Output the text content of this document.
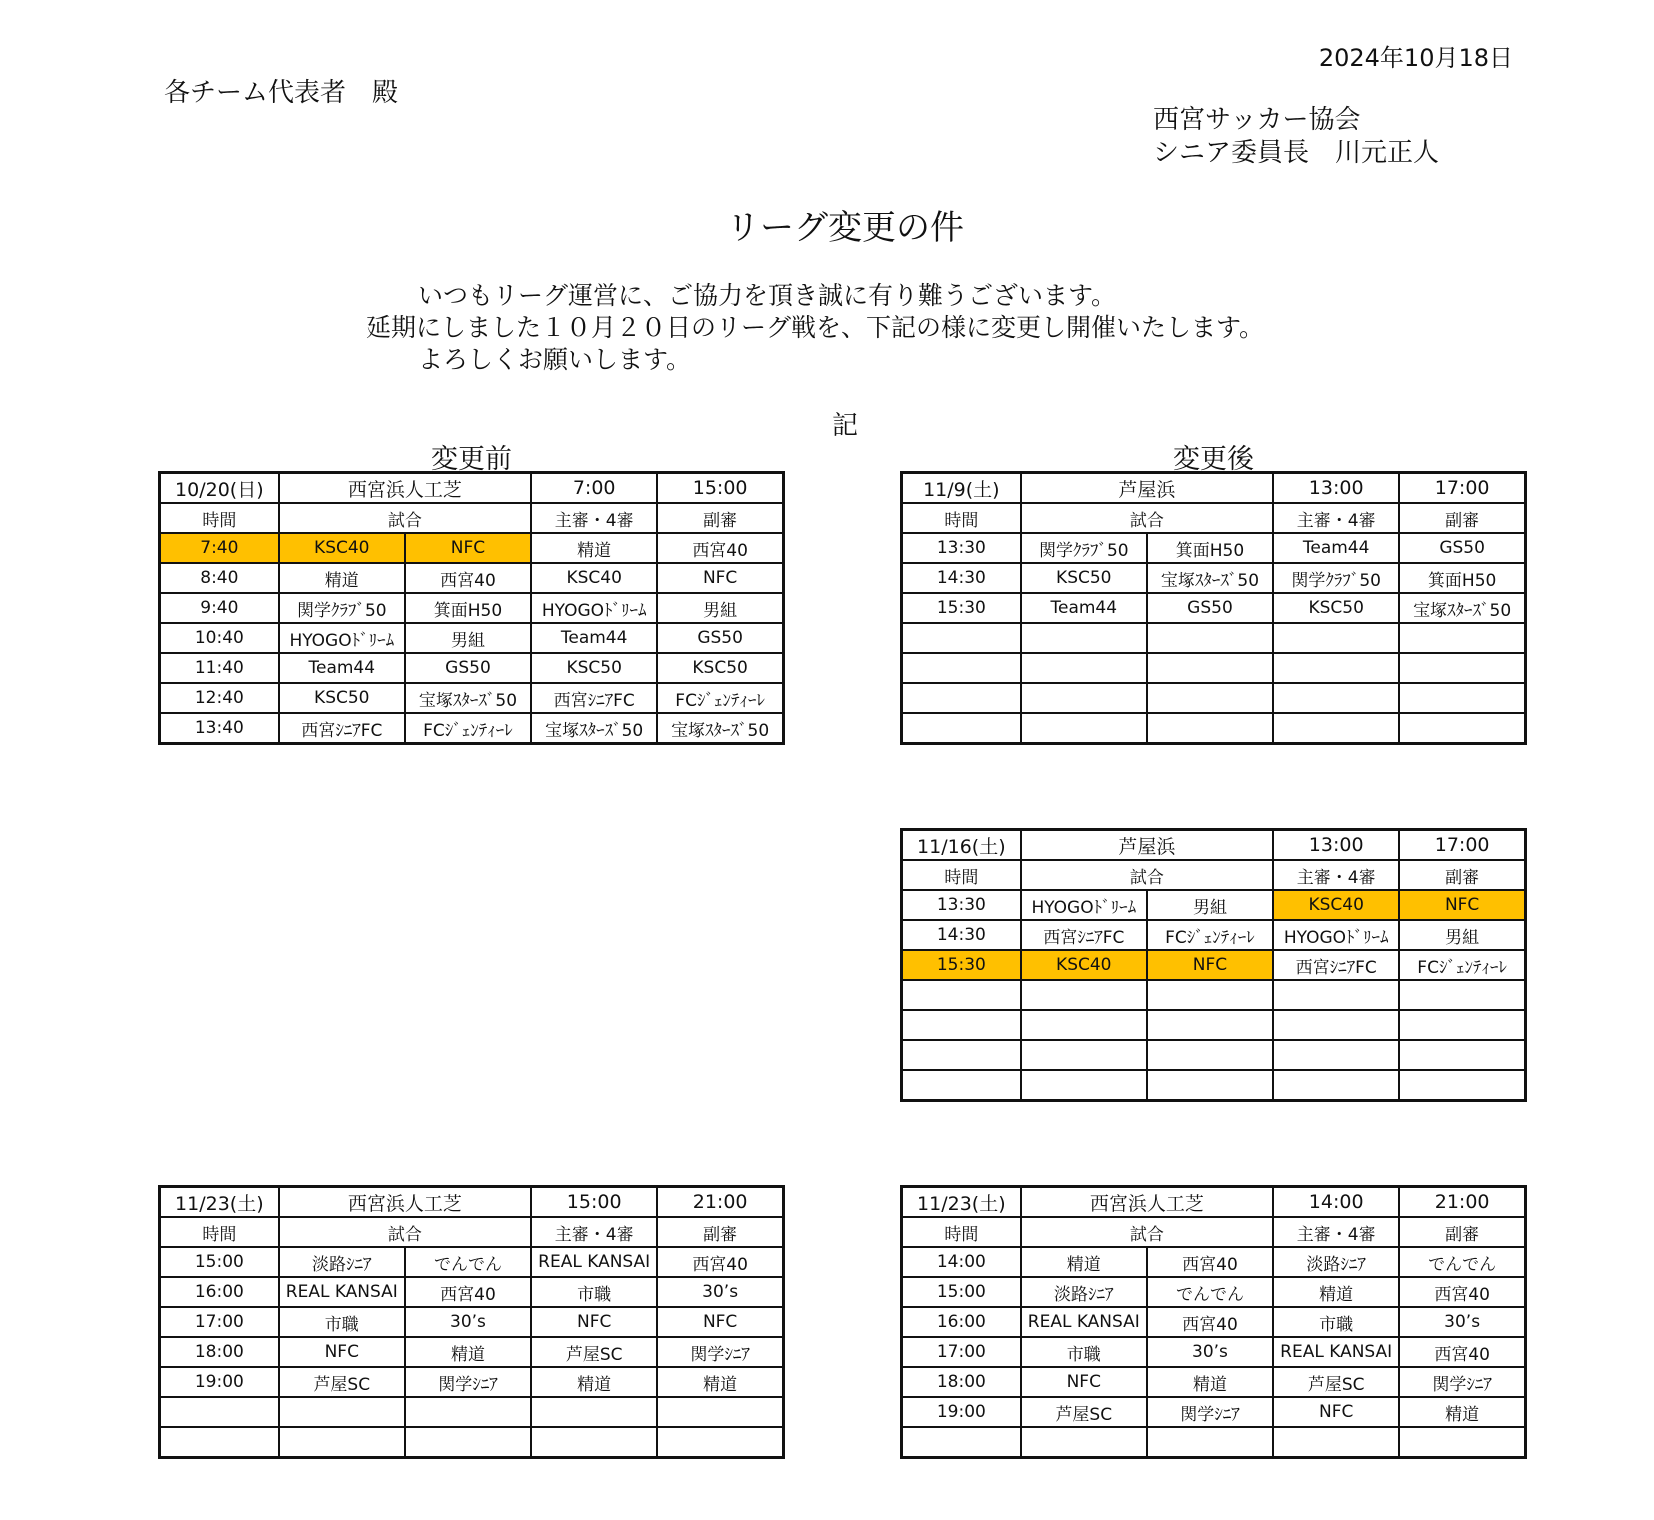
2024年10月18日
各チーム代表者　殿
西宮サッカー協会
シニア委員長　川元正人
リーグ変更の件
いつもリーグ運営に、ご協力を頂き誠に有り難うございます。
延期にしました１０月２０日のリーグ戦を、下記の様に変更し開催いたします。
よろしくお願いします。
記
変更前	変更後
10/20(日)	西宮浜人工芝		7:00	15:00
時間	試合		主審・4審	副審
7:40	KSC40	NFC	精道	西宮40
8:40	精道	西宮40	KSC40	NFC
9:40	関学ｸﾗﾌﾞ50	箕面H50	HYOGOﾄﾞﾘｰﾑ	男組
10:40	HYOGOﾄﾞﾘｰﾑ	男組	Team44	GS50
11:40	Team44	GS50	KSC50	KSC50
12:40	KSC50	宝塚ｽﾀｰｽﾞ50	西宮ｼﾆｱFC	FCｼﾞｪﾝﾃｨｰﾚ
13:40	西宮ｼﾆｱFC	FCｼﾞｪﾝﾃｨｰﾚ	宝塚ｽﾀｰｽﾞ50	宝塚ｽﾀｰｽﾞ50
11/9(土)	芦屋浜		13:00	17:00
時間	試合		主審・4審	副審
13:30	関学ｸﾗﾌﾞ50	箕面H50	Team44	GS50
14:30	KSC50	宝塚ｽﾀｰｽﾞ50	関学ｸﾗﾌﾞ50	箕面H50
15:30	Team44	GS50	KSC50	宝塚ｽﾀｰｽﾞ50

11/16(土)	芦屋浜		13:00	17:00
時間	試合		主審・4審	副審
13:30	HYOGOﾄﾞﾘｰﾑ	男組	KSC40	NFC
14:30	西宮ｼﾆｱFC	FCｼﾞｪﾝﾃｨｰﾚ	HYOGOﾄﾞﾘｰﾑ	男組
15:30	KSC40	NFC	西宮ｼﾆｱFC	FCｼﾞｪﾝﾃｨｰﾚ

11/23(土)	西宮浜人工芝		15:00	21:00
時間	試合		主審・4審	副審
15:00	淡路ｼﾆｱ	でんでん	REAL KANSAI	西宮40
16:00	REAL KANSAI	西宮40	市職	30’s
17:00	市職	30’s	NFC	NFC
18:00	NFC	精道	芦屋SC	関学ｼﾆｱ
19:00	芦屋SC	関学ｼﾆｱ	精道	精道

11/23(土)	西宮浜人工芝		14:00	21:00
時間	試合		主審・4審	副審
14:00	精道	西宮40	淡路ｼﾆｱ	でんでん
15:00	淡路ｼﾆｱ	でんでん	精道	西宮40
16:00	REAL KANSAI	西宮40	市職	30’s
17:00	市職	30’s	REAL KANSAI	西宮40
18:00	NFC	精道	芦屋SC	関学ｼﾆｱ
19:00	芦屋SC	関学ｼﾆｱ	NFC	精道
